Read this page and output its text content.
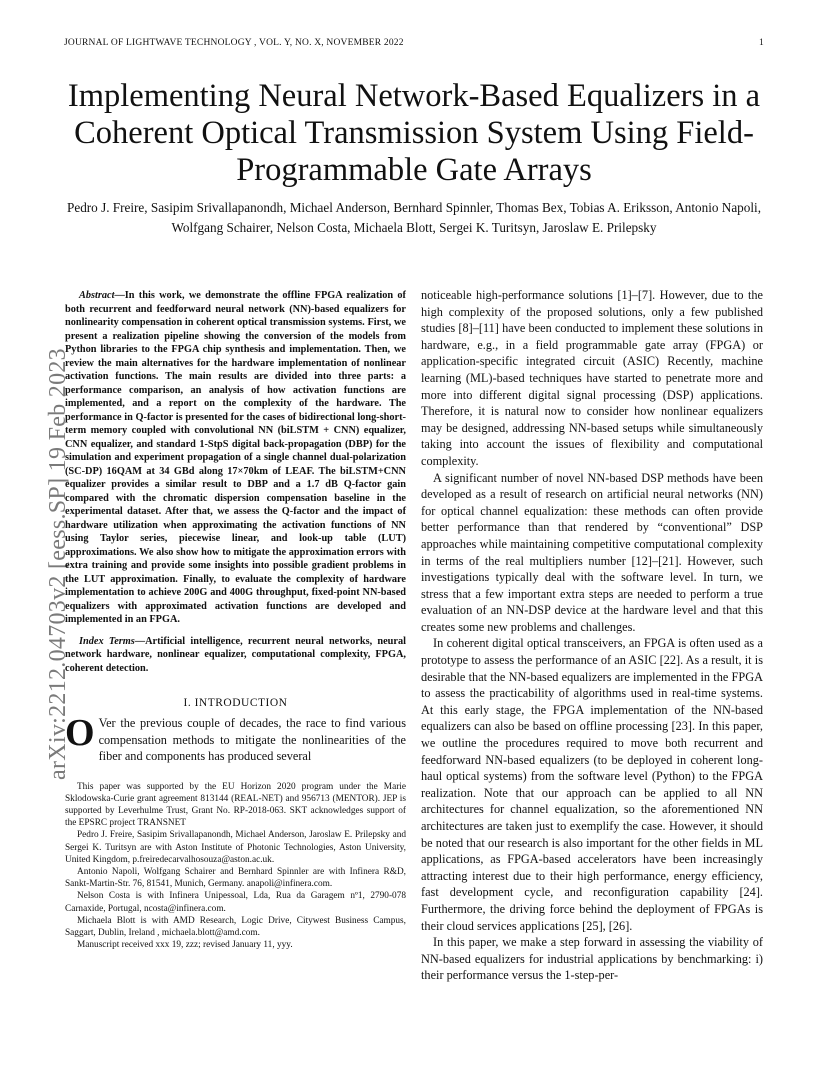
JOURNAL OF LIGHTWAVE TECHNOLOGY , VOL. Y, NO. X, NOVEMBER 2022	1
Implementing Neural Network-Based Equalizers in a Coherent Optical Transmission System Using Field-Programmable Gate Arrays
Pedro J. Freire, Sasipim Srivallapanondh, Michael Anderson, Bernhard Spinnler, Thomas Bex, Tobias A. Eriksson, Antonio Napoli, Wolfgang Schairer, Nelson Costa, Michaela Blott, Sergei K. Turitsyn, Jaroslaw E. Prilepsky
arXiv:2212.04703v2 [eess.SP] 19 Feb 2023

Abstract—In this work, we demonstrate the offline FPGA realization of both recurrent and feedforward neural network (NN)-based equalizers for nonlinearity compensation in coherent optical transmission systems. First, we present a realization pipeline showing the conversion of the models from Python libraries to the FPGA chip synthesis and implementation. Then, we review the main alternatives for the hardware implementation of nonlinear activation functions. The main results are divided into three parts: a performance comparison, an analysis of how activation functions are implemented, and a report on the complexity of the hardware. The performance in Q-factor is presented for the cases of bidirectional long-short-term memory coupled with convolutional NN (biLSTM + CNN) equalizer, CNN equalizer, and standard 1-StpS digital back-propagation (DBP) for the simulation and experiment propagation of a single channel dual-polarization (SC-DP) 16QAM at 34 GBd along 17×70km of LEAF. The biLSTM+CNN equalizer provides a similar result to DBP and a 1.7 dB Q-factor gain compared with the chromatic dispersion compensation baseline in the experimental dataset. After that, we assess the Q-factor and the impact of hardware utilization when approximating the activation functions of NN using Taylor series, piecewise linear, and look-up table (LUT) approximations. We also show how to mitigate the approximation errors with extra training and provide some insights into possible gradient problems in the LUT approximation. Finally, to evaluate the complexity of hardware implementation to achieve 200G and 400G throughput, fixed-point NN-based equalizers with approximated activation functions are developed and implemented in an FPGA.

Index Terms—Artificial intelligence, recurrent neural networks, neural network hardware, nonlinear equalizer, computational complexity, FPGA, coherent detection.

I. INTRODUCTION

O Ver the previous couple of decades, the race to find various compensation methods to mitigate the nonlinearities of the fiber and components has produced several

This paper was supported by the EU Horizon 2020 program under the Marie Sklodowska-Curie grant agreement 813144 (REAL-NET) and 956713 (MENTOR). JEP is supported by Leverhulme Trust, Grant No. RP-2018-063. SKT acknowledges support of the EPSRC project TRANSNET

Pedro J. Freire, Sasipim Srivallapanondh, Michael Anderson, Jaroslaw E. Prilepsky and Sergei K. Turitsyn are with Aston Institute of Photonic Technologies, Aston University, United Kingdom, p.freiredecarvalhosouza@aston.ac.uk.

Antonio Napoli, Wolfgang Schairer and Bernhard Spinnler are with Infinera R&D, Sankt-Martin-Str. 76, 81541, Munich, Germany. anapoli@infinera.com.

Nelson Costa is with Infinera Unipessoal, Lda, Rua da Garagem nº1, 2790-078 Carnaxide, Portugal, ncosta@infinera.com.

Michaela Blott is with AMD Research, Logic Drive, Citywest Business Campus, Saggart, Dublin, Ireland , michaela.blott@amd.com.

Manuscript received xxx 19, zzz; revised January 11, yyy.

noticeable high-performance solutions [1]–[7]. However, due to the high complexity of the proposed solutions, only a few published studies [8]–[11] have been conducted to implement these solutions in hardware, e.g., in a field programmable gate array (FPGA) or application-specific integrated circuit (ASIC) Recently, machine learning (ML)-based techniques have started to penetrate more and more into different digital signal processing (DSP) applications. Therefore, it is natural now to consider how nonlinear equalizers may be designed, addressing NN-based setups while simultaneously taking into account the issues of flexibility and computational complexity.

A significant number of novel NN-based DSP methods have been developed as a result of research on artificial neural networks (NN) for optical channel equalization: these methods can often provide better performance than that rendered by “conventional” DSP approaches while maintaining competitive computational complexity in terms of the real multipliers number [12]–[21]. However, such investigations typically deal with the software level. In turn, we stress that a few important extra steps are needed to perform a true evaluation of an NN-DSP device at the hardware level and that this creates some new problems and challenges.

In coherent digital optical transceivers, an FPGA is often used as a prototype to assess the performance of an ASIC [22]. As a result, it is desirable that the NN-based equalizers are implemented in the FPGA to assess the practicability of algorithms used in real-time systems. At this early stage, the FPGA implementation of the NN-based equalizers can also be based on offline processing [23]. In this paper, we outline the procedures required to move both recurrent and feedforward NN-based equalizers (to be deployed in coherent long-haul optical systems) from the software level (Python) to the FPGA realization. Note that our approach can be applied to all NN architectures for channel equalization, so the aforementioned NN architectures are taken just to exemplify the case. However, it should be noted that our research is also important for the other fields in ML applications, as FPGA-based accelerators have been increasingly attracting interest due to their high performance, energy efficiency, fast development cycle, and reconfiguration capability [24]. Furthermore, the driving force behind the deployment of FPGAs is their cloud services applications [25], [26].

In this paper, we make a step forward in assessing the viability of NN-based equalizers for industrial applications by benchmarking: i) their performance versus the 1-step-per-
